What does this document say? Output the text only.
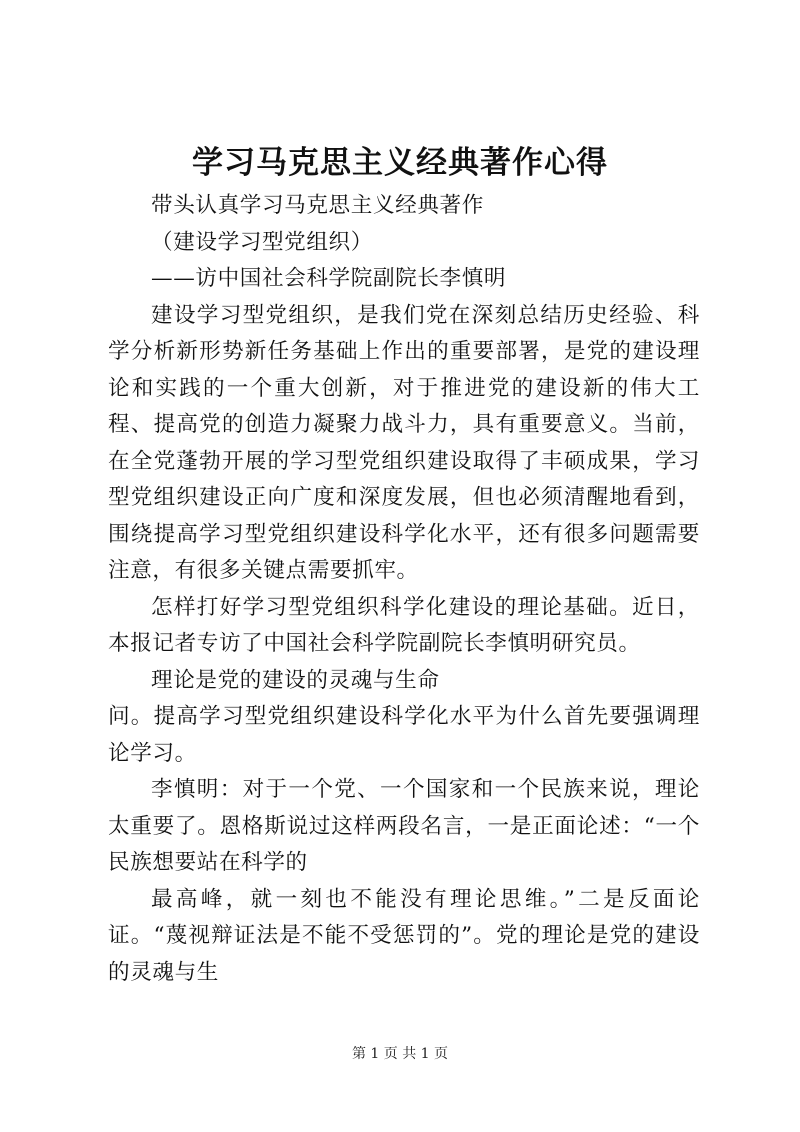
学习马克思主义经典著作心得

带头认真学习马克思主义经典著作

（建设学习型党组织）

——访中国社会科学院副院长李慎明

建设学习型党组织，是我们党在深刻总结历史经验、科学分析新形势新任务基础上作出的重要部署，是党的建设理论和实践的一个重大创新，对于推进党的建设新的伟大工程、提高党的创造力凝聚力战斗力，具有重要意义。当前，在全党蓬勃开展的学习型党组织建设取得了丰硕成果，学习型党组织建设正向广度和深度发展，但也必须清醒地看到，围绕提高学习型党组织建设科学化水平，还有很多问题需要注意，有很多关键点需要抓牢。

怎样打好学习型党组织科学化建设的理论基础。近日，本报记者专访了中国社会科学院副院长李慎明研究员。

理论是党的建设的灵魂与生命

问。提高学习型党组织建设科学化水平为什么首先要强调理论学习。

李慎明：对于一个党、一个国家和一个民族来说，理论太重要了。恩格斯说过这样两段名言，一是正面论述：“一个民族想要站在科学的

最高峰，就一刻也不能没有理论思维。”二是反面论证。“蔑视辩证法是不能不受惩罚的”。党的理论是党的建设的灵魂与生

第 1 页 共 1 页
